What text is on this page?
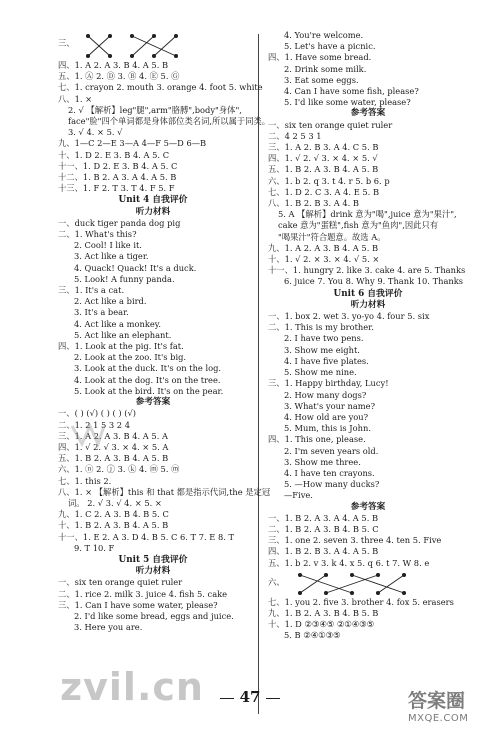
三、
四、1. A 2. A 3. B 4. A 5. B
五、1. Ⓐ 2. Ⓓ 3. Ⓑ 4. Ⓔ 5. Ⓖ
七、1. crayon 2. mouth 3. orange 4. foot 5. white
八、1. ×
2. √ 【解析】leg"腿",arm"胳膊",body"身体",
face"脸"四个单词都是身体部位类名词,所以属于同类。
3. √ 4. × 5. √
九、1—C 2—E 3—A 4—F 5—D 6—B
十、1. D 2. E 3. B 4. A 5. C
十一、1. D 2. E 3. B 4. A 5. C
十二、1. B 2. A 3. A 4. A 5. B
十三、1. F 2. T 3. T 4. F 5. F
Unit 4 自我评价
听力材料
一、duck tiger panda dog pig
二、1. What's this?
2. Cool! I like it.
3. Act like a tiger.
4. Quack! Quack! It's a duck.
5. Look! A funny panda.
三、1. It's a cat.
2. Act like a bird.
3. It's a bear.
4. Act like a monkey.
5. Act like an elephant.
四、1. Look at the pig. It's fat.
2. Look at the zoo. It's big.
3. Look at the duck. It's on the log.
4. Look at the dog. It's on the tree.
5. Look at the bird. It's on the pear.
参考答案
一、( ) (√) ( ) ( ) (√)
二、1. 2 1 5 3 2 4
三、1. A 2. A 3. B 4. A 5. A
四、1. √ 2. √ 3. × 4. × 5. A
五、1. B 2. A 3. B 4. A 5. B
六、1. ⓝ 2. ⓙ 3. ⓚ 4. ⓜ 5. ⓜ
七、1. this 2.
八、1. × 【解析】this 和 that 都是指示代词,the 是定冠
词。 2. √ 3. √ 4. × 5. ×
九、1. C 2. A 3. B 4. B 5. C
十、1. B 2. A 3. B 4. A 5. B
十一、1. E 2. A 3. D 4. B 5. C 6. T 7. E 8. T
9. T 10. F
Unit 5 自我评价
听力材料
一、six ten orange quiet ruler
二、1. rice 2. milk 3. juice 4. fish 5. cake
三、1. Can I have some water, please?
2. I'd like some bread, eggs and juice.
3. Here you are.
4. You're welcome.
5. Let's have a picnic.
四、1. Have some bread.
2. Drink some milk.
3. Eat some eggs.
4. Can I have some fish, please?
5. I'd like some water, please?
参考答案
一、six ten orange quiet ruler
二、4 2 5 3 1
三、1. A 2. B 3. A 4. C 5. B
四、1. √ 2. √ 3. × 4. × 5. √
五、1. B 2. A 3. B 4. A 5. B
六、1. b 2. q 3. t 4. r 5. b 6. p
七、1. D 2. C 3. A 4. E 5. B
八、1. B 2. B 3. A 4. B
5. A 【解析】drink 意为"喝",juice 意为"果汁",
cake 意为"蛋糕",fish 意为"鱼肉",因此只有
"喝果汁"符合题意。故选 A。
九、1. A 2. A 3. B 4. A 5. B
十、1. √ 2. × 3. × 4. √ 5. ×
十一、1. hungry 2. like 3. cake 4. are 5. Thanks
6. juice 7. You 8. Why 9. Thank 10. Thanks
Unit 6 自我评价
听力材料
一、1. box 2. wet 3. yo-yo 4. four 5. six
二、1. This is my brother.
2. I have two pens.
3. Show me eight.
4. I have five plates.
5. Show me nine.
三、1. Happy birthday, Lucy!
2. How many dogs?
3. What's your name?
4. How old are you?
5. Mum, this is John.
四、1. This one, please.
2. I'm seven years old.
3. Show me three.
4. I have ten crayons.
5. —How many ducks?
—Five.
参考答案
一、1. B 2. A 3. A 4. A 5. B
二、1. B 2. A 3. B 4. B 5. C
三、1. one 2. seven 3. three 4. ten 5. Five
四、1. B 2. B 3. A 4. A 5. B
五、1. b 2. v 3. k 4. x 5. q 6. t 7. W 8. e
六、
七、1. you 2. five 3. brother 4. fox 5. erasers
九、1. B 2. A 3. B 4. B 5. B
十、1. D ②③④⑤ ②①④③⑤
5. B ②④①③⑤
47
zvil.cn	答案圈
MXQE.COM
